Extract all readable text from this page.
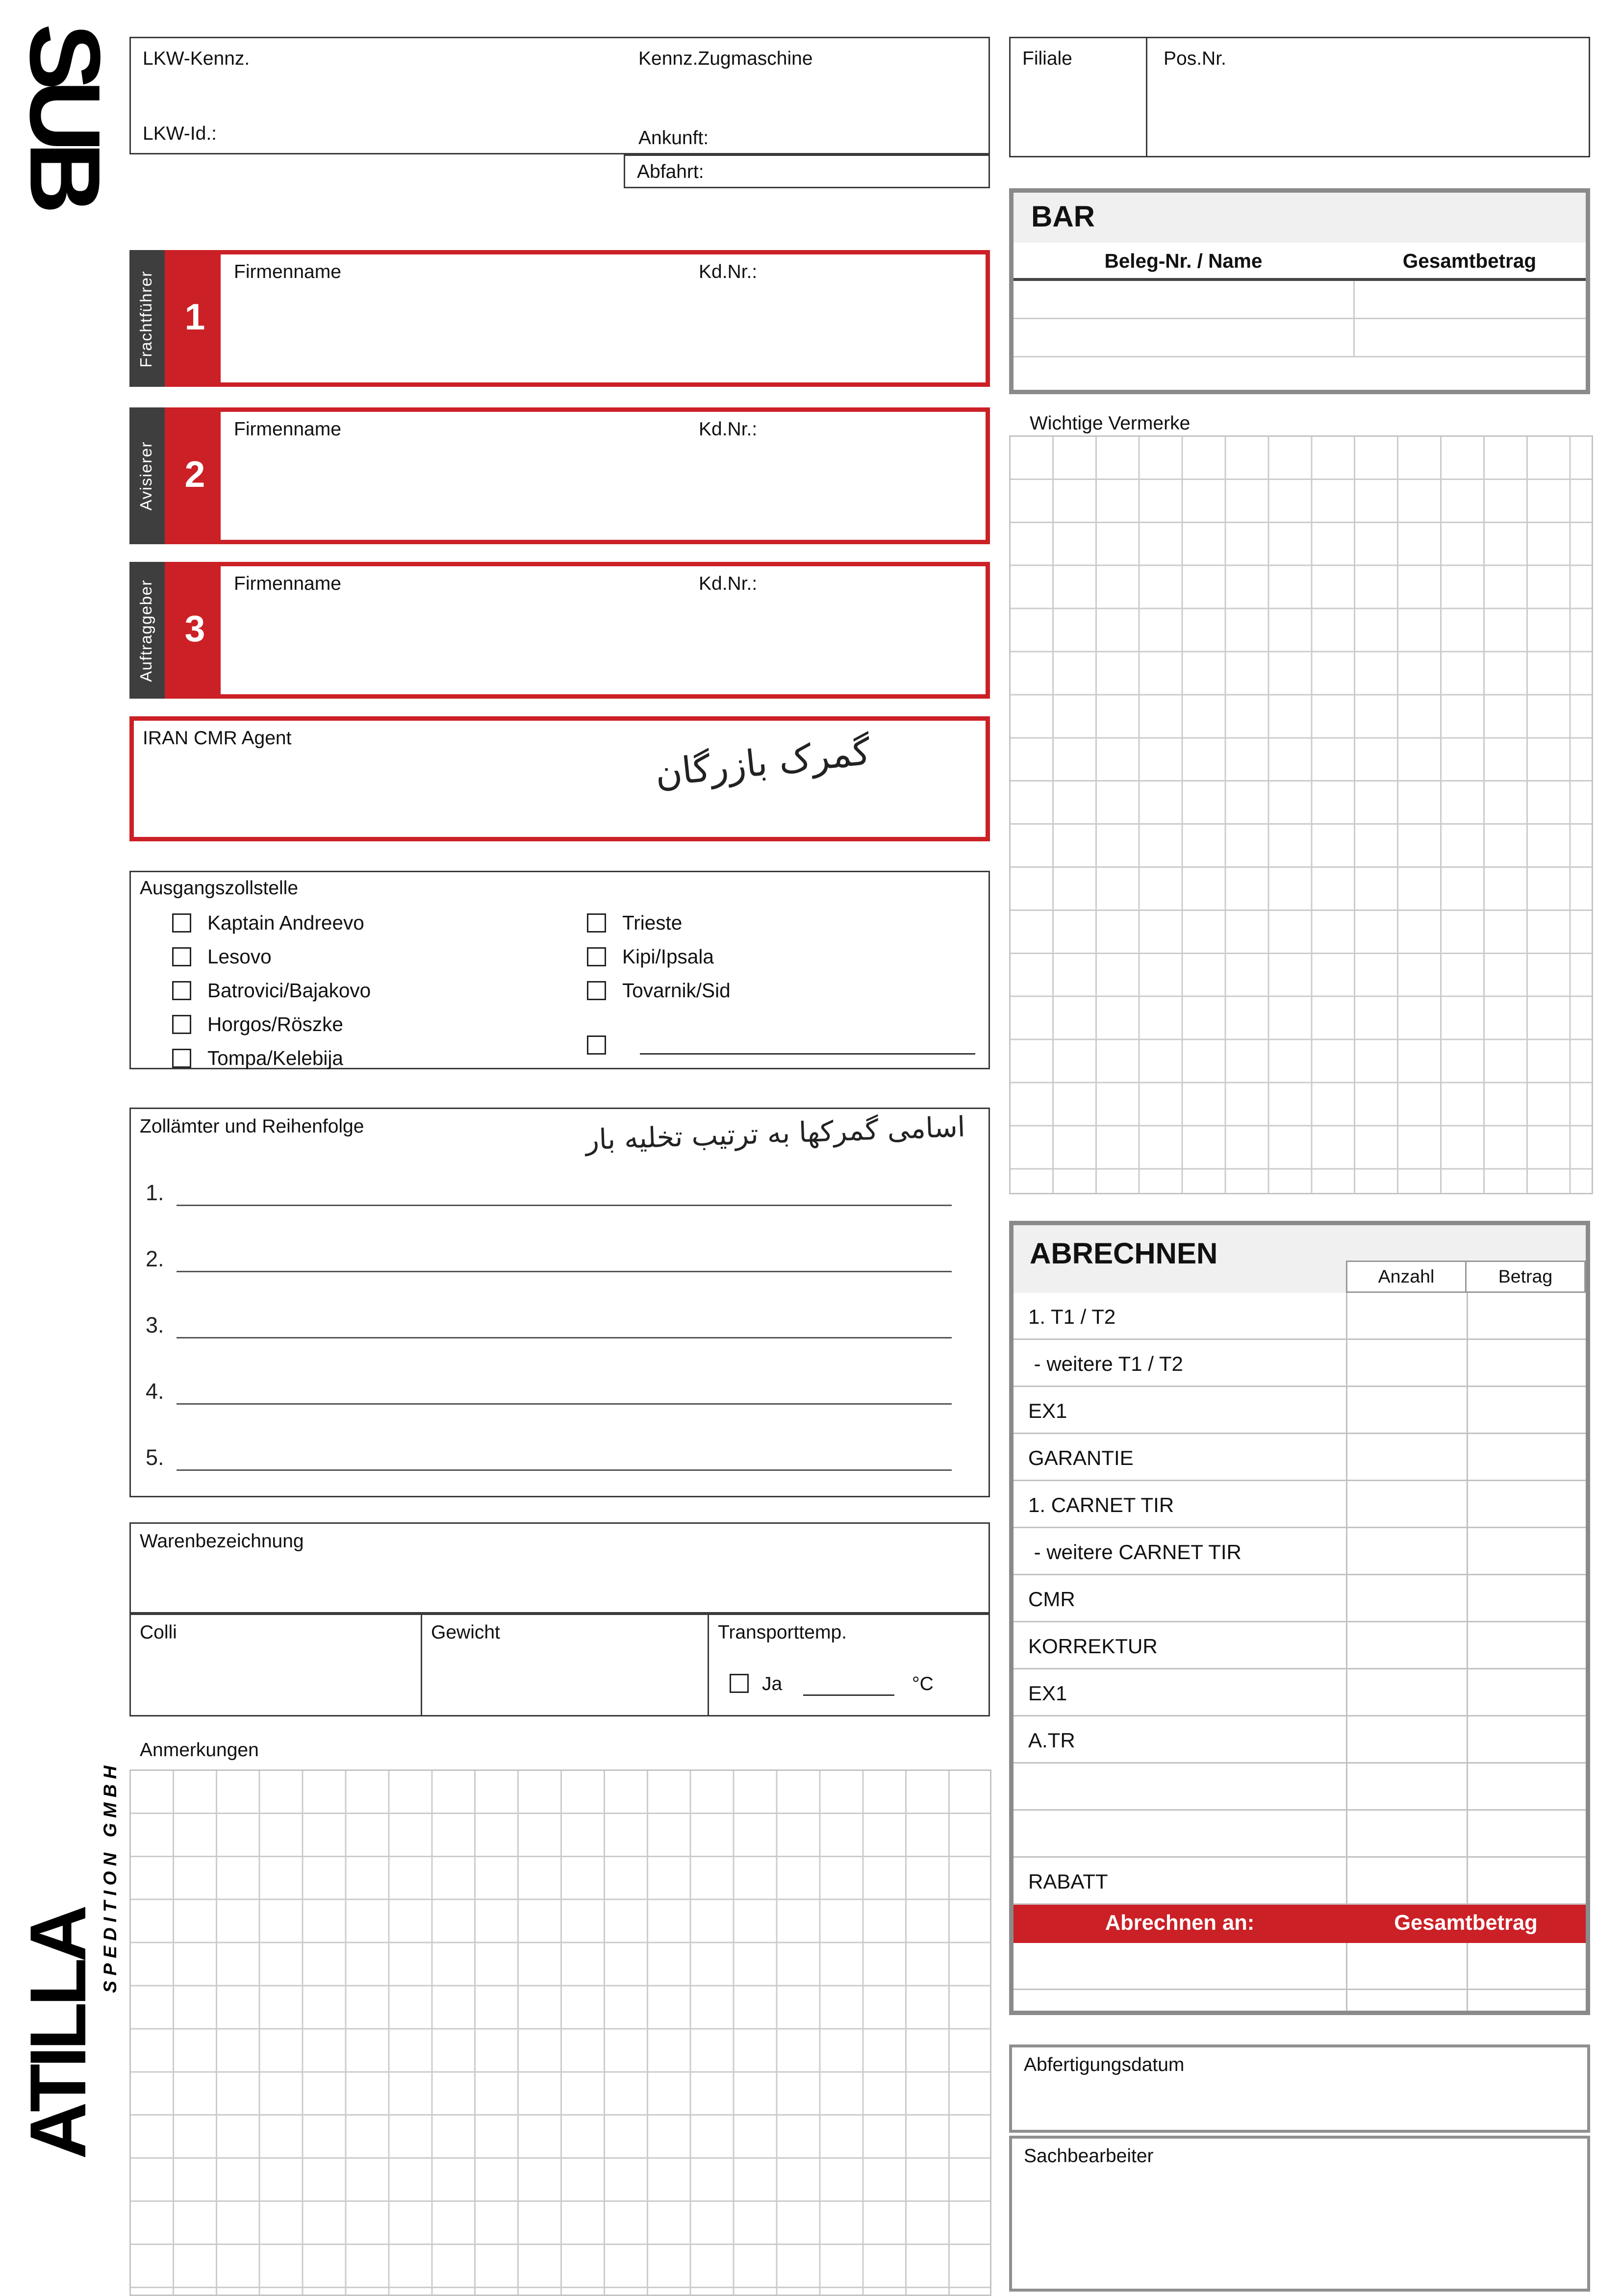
SUB
ATILLA
SPEDITION GMBH
LKW-Kennz.	Kennz.Zugmaschine
LKW-Id.:	Ankunft:
Abfahrt:
Filiale	Pos.Nr.
BAR
Beleg-Nr. / Name	Gesamtbetrag
Frachtführer	1
Firmenname	Kd.Nr.:
Avisierer	2
Firmenname	Kd.Nr.:
Auftraggeber	3
Firmenname	Kd.Nr.:
IRAN CMR Agent	گمرک بازرگان
Wichtige Vermerke
Ausgangszollstelle
Kaptain Andreevo
Lesovo
Batrovici/Bajakovo
Horgos/Röszke
Tompa/Kelebija
Trieste
Kipi/Ipsala
Tovarnik/Sid
Zollämter und Reihenfolge	اسامی گمرکها به ترتیب تخلیه بار
1.
2.
3.
4.
5.
Warenbezeichnung
Colli	Gewicht	Transporttemp.
Ja	°C
Anmerkungen
ABRECHNEN
Anzahl	Betrag
1. T1 / T2
- weitere T1 / T2
EX1
GARANTIE
1. CARNET TIR
- weitere CARNET TIR
CMR
KORREKTUR
EX1
A.TR
RABATT
Abrechnen an:	Gesamtbetrag
Abfertigungsdatum
Sachbearbeiter
